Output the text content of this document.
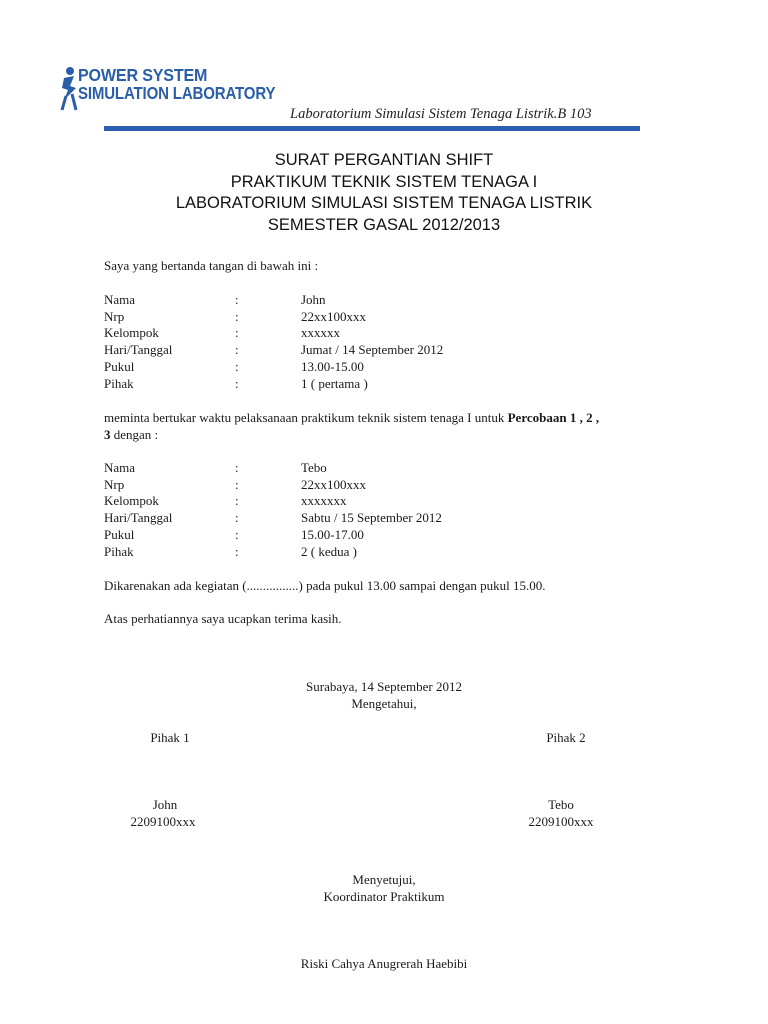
POWER SYSTEM
SIMULATION LABORATORY
Laboratorium Simulasi Sistem Tenaga Listrik.B 103
SURAT PERGANTIAN SHIFT
PRAKTIKUM TEKNIK SISTEM TENAGA I
LABORATORIUM SIMULASI SISTEM TENAGA LISTRIK
SEMESTER GASAL 2012/2013
Saya yang bertanda tangan di bawah ini :
Nama	:	John
Nrp	:	22xx100xxx
Kelompok	:	xxxxxx
Hari/Tanggal	:	Jumat / 14 September 2012
Pukul	:	13.00-15.00
Pihak	:	1 ( pertama )
meminta bertukar waktu pelaksanaan praktikum teknik sistem tenaga I untuk Percobaan 1 , 2 ,
3 dengan :
Nama	:	Tebo
Nrp	:	22xx100xxx
Kelompok	:	xxxxxxx
Hari/Tanggal	:	Sabtu / 15 September 2012
Pukul	:	15.00-17.00
Pihak	:	2 ( kedua )
Dikarenakan ada kegiatan (................) pada pukul 13.00 sampai dengan pukul 15.00.
Atas perhatiannya saya ucapkan terima kasih.
Surabaya, 14 September 2012
Mengetahui,
Pihak 1	Pihak 2
John
2209100xxx
Tebo
2209100xxx
Menyetujui,
Koordinator Praktikum
Riski Cahya Anugrerah Haebibi
